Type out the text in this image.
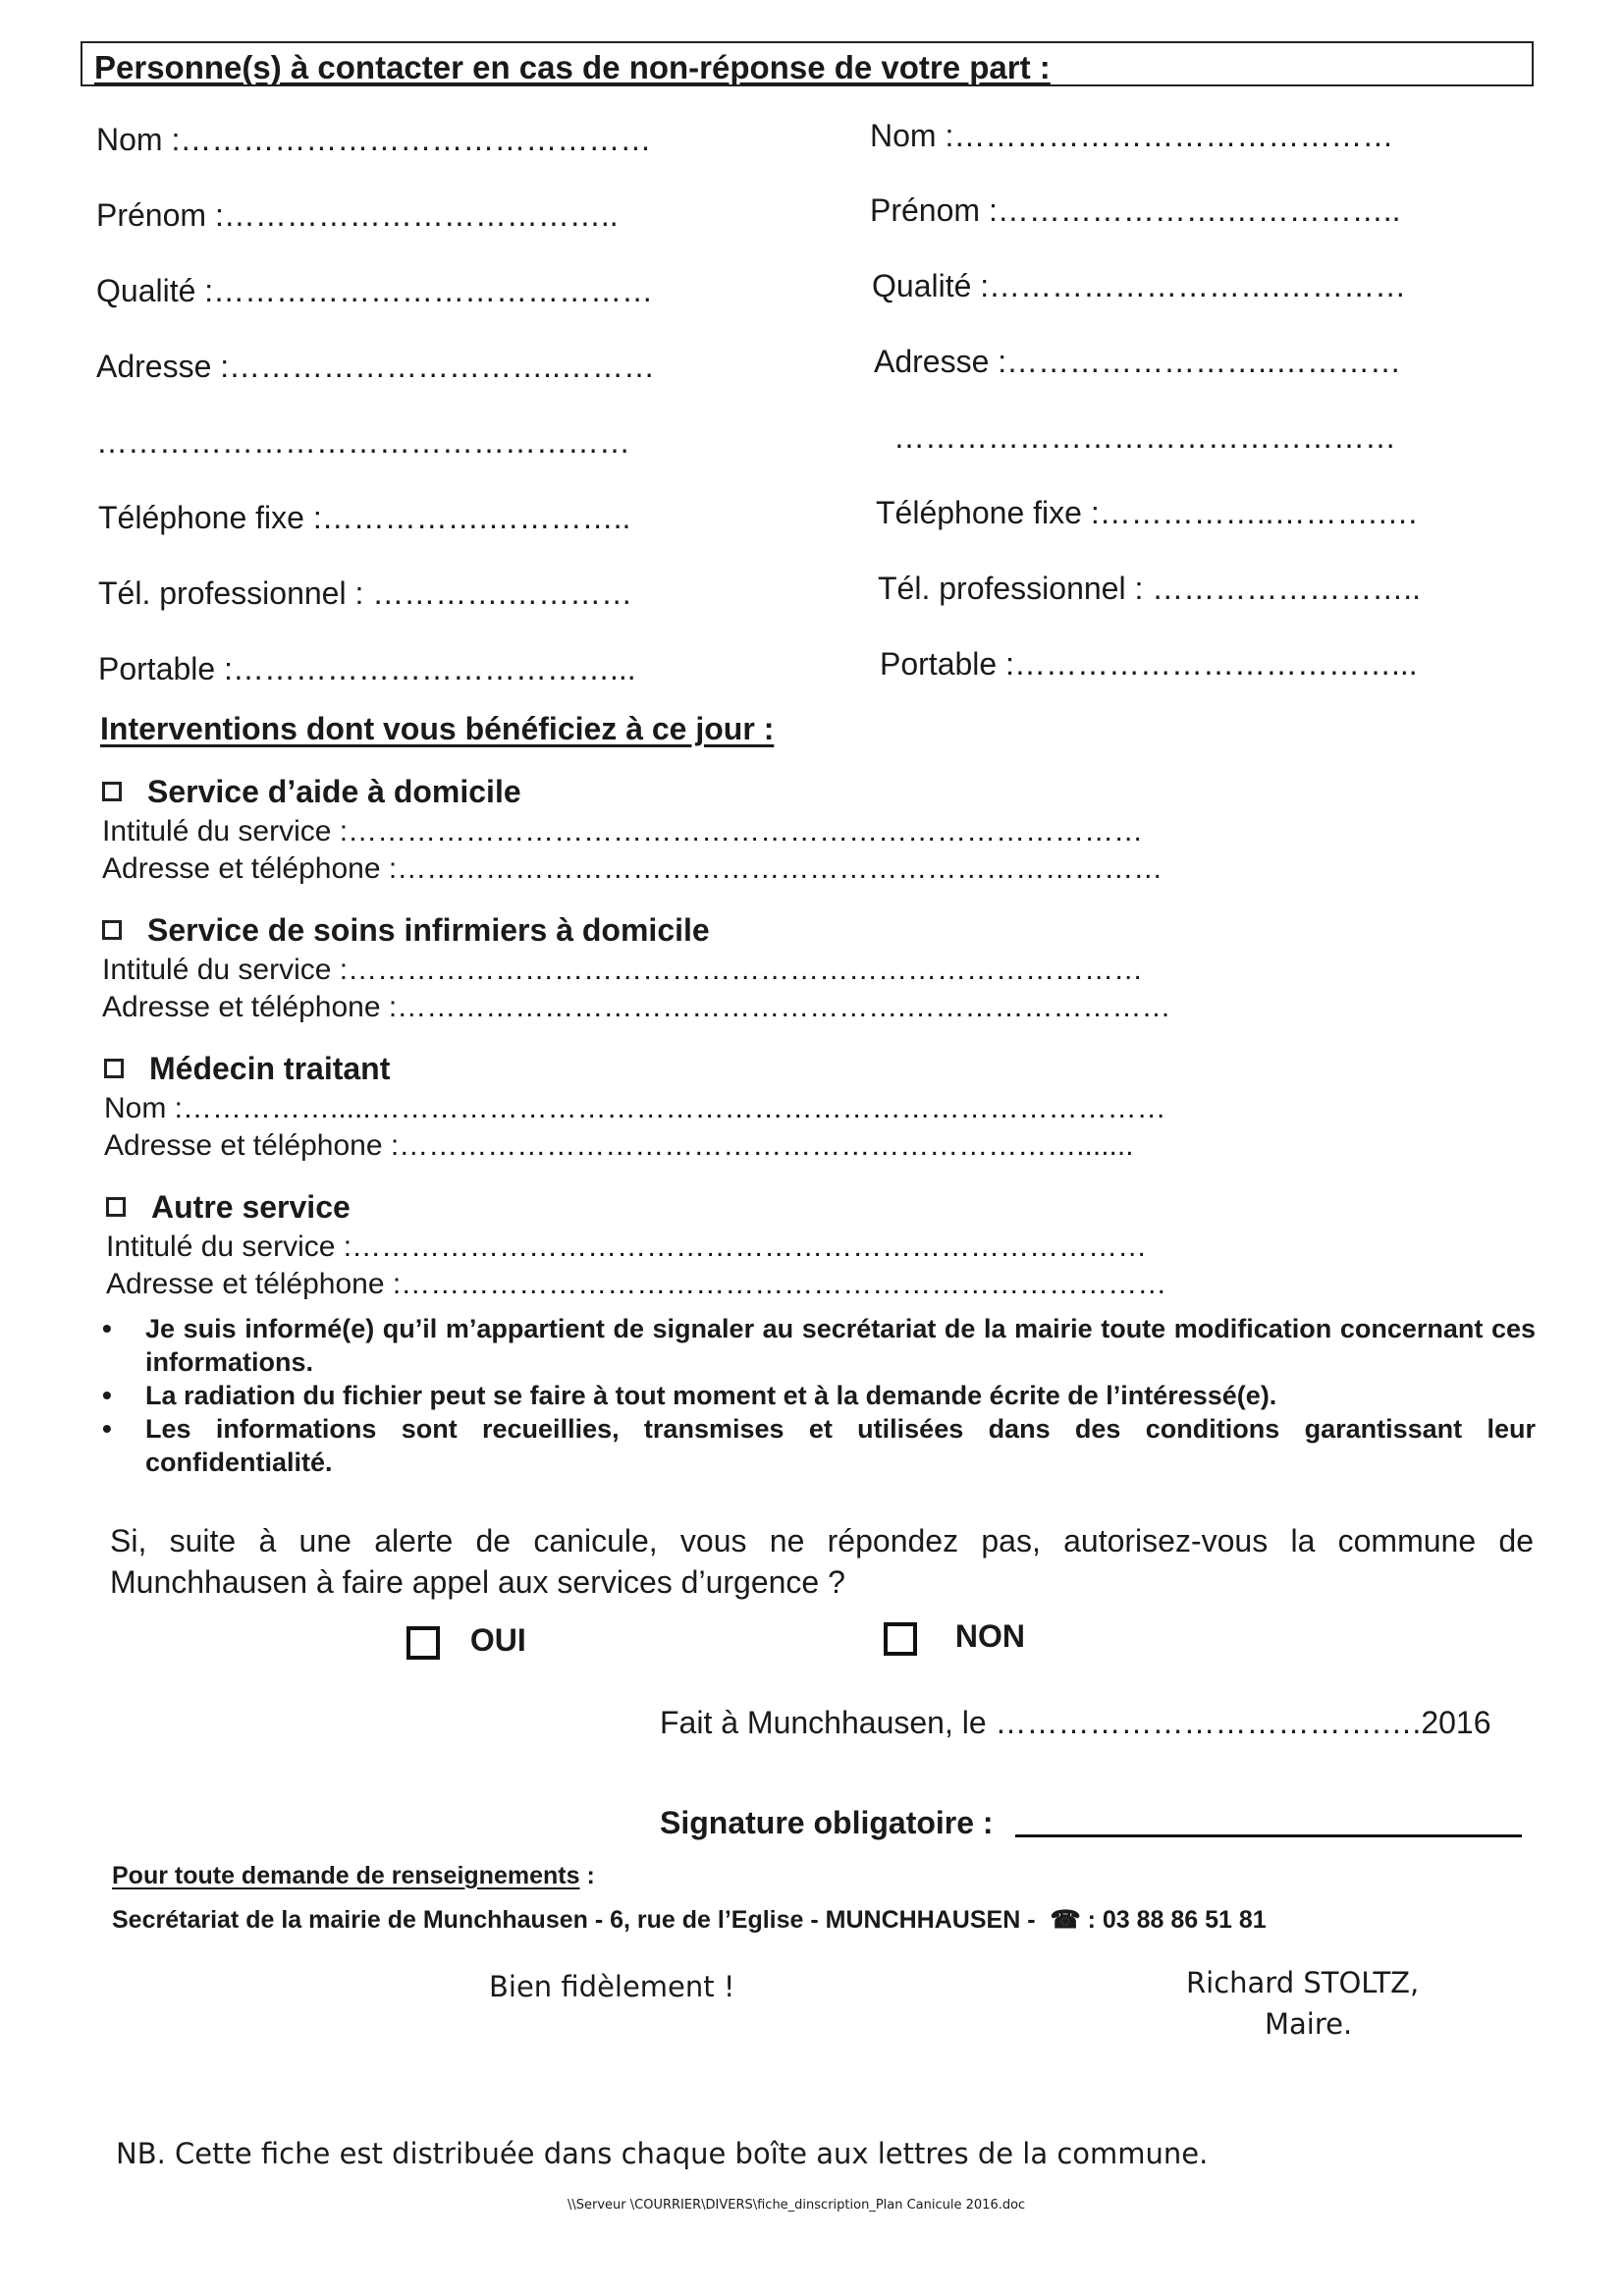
Personne(s) à contacter en cas de non-réponse de votre part :
Nom :………………………………………
Prénom :………………………………..
Qualité :……………………………………
Adresse :…………………………..………
……………………………………………
Téléphone fixe :…………….…………..
Tél. professionnel : ………….…………
Portable :………………………………...
Nom :……………………………………
Prénom :………………….……………..
Qualité :……………………….…………
Adresse :……………………..…………
…………………………………………
Téléphone fixe :……………..……….….
Tél. professionnel : ……………………..
Portable :………………………………...
Interventions dont vous bénéficiez à ce jour :
Service d’aide à domicile
Intitulé du service :………………………………………………………………………
Adresse et téléphone :……………………………………………………………………
Service de soins infirmiers à domicile
Intitulé du service :………………………………………………………………………
Adresse et téléphone :…………………………………………….………………………
Médecin traitant
Nom :…………….....………………………………………………………………………
Adresse et téléphone :…………………………………………………………….......
Autre service
Intitulé du service :………………………………………………………………………
Adresse et téléphone :……………………………………………………………………
• Je suis informé(e) qu’il m’appartient de signaler au secrétariat de la mairie toute modification concernant ces informations.
• La radiation du fichier peut se faire à tout moment et à la demande écrite de l’intéressé(e).
• Les informations sont recueillies, transmises et utilisées dans des conditions garantissant leur confidentialité.
Si, suite à une alerte de canicule, vous ne répondez pas, autorisez-vous la commune de Munchhausen à faire appel aux services d’urgence ?
OUI	NON
Fait à Munchhausen, le ……………………………….….2016
Signature obligatoire :
Pour toute demande de renseignements :
Secrétariat de la mairie de Munchhausen - 6, rue de l’Eglise - MUNCHHAUSEN - ☎ : 03 88 86 51 81
Bien fidèlement !	Richard STOLTZ,
Maire.
NB. Cette fiche est distribuée dans chaque boîte aux lettres de la commune.
\\Serveur \COURRIER\DIVERS\fiche_dinscription_Plan Canicule 2016.doc
